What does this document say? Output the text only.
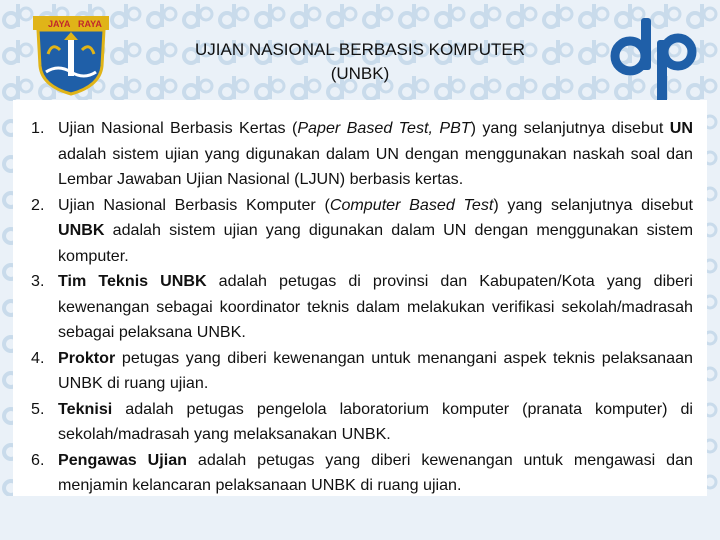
JAYA RAYA
UJIAN NASIONAL BERBASIS KOMPUTER
(UNBK)
1. Ujian Nasional Berbasis Kertas (Paper Based Test, PBT) yang selanjutnya disebut UN adalah sistem ujian yang digunakan dalam UN dengan menggunakan naskah soal dan Lembar Jawaban Ujian Nasional (LJUN) berbasis kertas.
2. Ujian Nasional Berbasis Komputer (Computer Based Test) yang selanjutnya disebut UNBK adalah sistem ujian yang digunakan dalam UN dengan menggunakan sistem komputer.
3. Tim Teknis UNBK adalah petugas di provinsi dan Kabupaten/Kota yang diberi kewenangan sebagai koordinator teknis dalam melakukan verifikasi sekolah/madrasah sebagai pelaksana UNBK.
4. Proktor petugas yang diberi kewenangan untuk menangani aspek teknis pelaksanaan UNBK di ruang ujian.
5. Teknisi adalah petugas pengelola laboratorium komputer (pranata komputer) di sekolah/madrasah yang melaksanakan UNBK.
6. Pengawas Ujian adalah petugas yang diberi kewenangan untuk mengawasi dan menjamin kelancaran pelaksanaan UNBK di ruang ujian.
